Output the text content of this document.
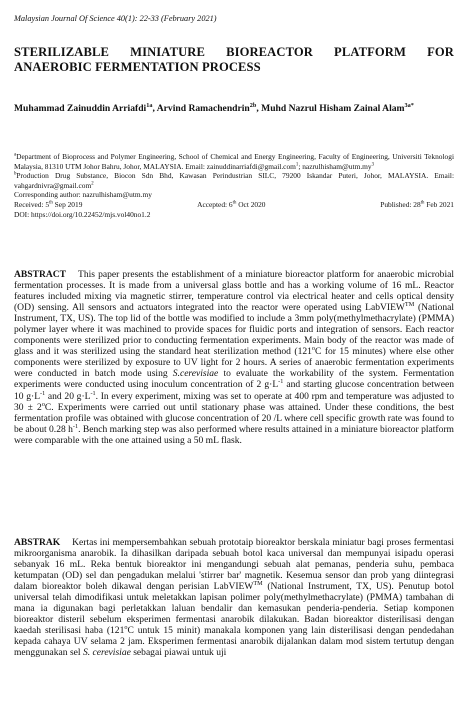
Malaysian Journal Of Science 40(1): 22-33 (February 2021)
STERILIZABLE MINIATURE BIOREACTOR PLATFORM FOR ANAEROBIC FERMENTATION PROCESS
Muhammad Zainuddin Arriafdi$^{1a}$, Arvind Ramachendrin$^{2b}$, Muhd Nazrul Hisham Zainal Alam$^{3a*}$

$^a$Department of Bioprocess and Polymer Engineering, School of Chemical and Energy Engineering, Faculty of Engineering, Universiti Teknologi Malaysia, 81310 UTM Johor Bahru, Johor, MALAYSIA. Email: zainuddinarriafdi@gmail.com$^1$; $nazrulhisham@utm.my^3$

$^b$Production Drug Substance, Biocon Sdn Bhd, Kawasan Perindustrian SILC, 79200 Iskandar Puteri, Johor, MALAYSIA. Email: vahgardnivra@gmail.com$^2$

Corresponding author: nazrulhisham@utm.my

Received: 5th Sep 2019	Accepted: 6th Oct 2020	Published: 28th Feb 2021

DOI: https://doi.org/10.22452/mjs.vol40no1.2

ABSTRACT This paper presents the establishment of a miniature bioreactor platform for anaerobic microbial fermentation processes. It is made from a universal glass bottle and has a working volume of 16 mL. Reactor features included mixing via magnetic stirrer, temperature control via electrical heater and cells optical density (OD) sensing. All sensors and actuators integrated into the reactor were operated using LabVIEW™ (National Instrument, TX, US). The top lid of the bottle was modified to include a 3mm poly(methylmethacrylate) (PMMA) polymer layer where it was machined to provide spaces for fluidic ports and integration of sensors. Each reactor components were sterilized prior to conducting fermentation experiments. Main body of the reactor was made of glass and it was sterilized using the standard heat sterilization method (121$^o$C for 15 minutes) where else other components were sterilized by exposure to UV light for 2 hours. A series of anaerobic fermentation experiments were conducted in batch mode using S.cerevisiae to evaluate the workability of the system. Fermentation experiments were conducted using inoculum concentration of 2 $g\cdot L^{-1}$ and starting glucose concentration between 10 $g\cdot L^{-1}$ and 20 $g\cdot L^{-1}$. In every experiment, mixing was set to operate at 400 rpm and temperature was adjusted to $30 \pm 2^oC$. Experiments were carried out until stationary phase was attained. Under these conditions, the best fermentation profile was obtained with glucose concentration of 20 /L where cell specific growth rate was found to be about 0.28 $h^{-1}$. Bench marking step was also performed where results attained in a miniature bioreactor platform were comparable with the one attained using a 50 mL flask.
ABSTRAK Kertas ini mempersembahkan sebuah prototaip bioreaktor berskala miniatur bagi proses fermentasi mikroorganisma anarobik. Ia dihasilkan daripada sebuah botol kaca universal dan mempunyai isipadu operasi sebanyak 16 mL. Reka bentuk bioreaktor ini mengandungi sebuah alat pemanas, penderia suhu, pembaca ketumpatan (OD) sel dan pengadukan melalui 'stirrer bar' magnetik. Kesemua sensor dan prob yang diintegrasi dalam bioreaktor boleh dikawal dengan perisian LabVIEW™ (National Instrument, TX, US). Penutup botol universal telah dimodifikasi untuk meletakkan lapisan polimer poly(methylmethacrylate) (PMMA) tambahan di mana ia digunakan bagi perletakkan laluan bendalir dan kemasukan penderia-penderia. Setiap komponen bioreaktor disteril sebelum eksperimen fermentasi anarobik dilakukan. Badan bioreaktor disterilisasi dengan kaedah sterilisasi haba (121$^o$C untuk 15 minit) manakala komponen yang lain disterilisasi dengan pendedahan kepada cahaya UV selama 2 jam. Eksperimen fermentasi anarobik dijalankan dalam mod sistem tertutup dengan menggunakan sel S. cerevisiae sebagai piawai untuk uji
